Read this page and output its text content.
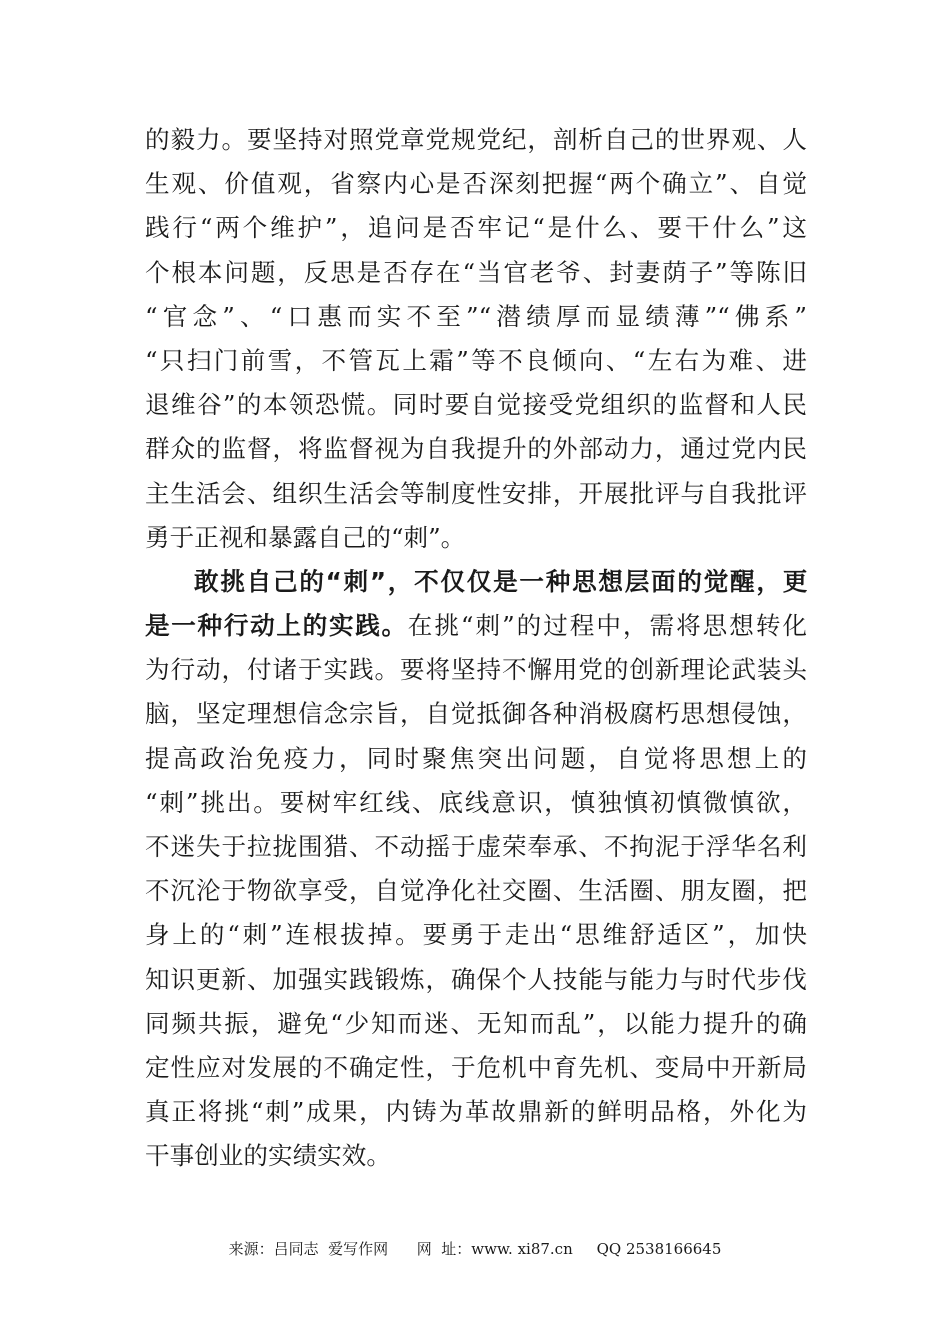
的毅力。要坚持对照党章党规党纪，剖析自己的世界观、人
生观、价值观，省察内心是否深刻把握“两个确立”、自觉
践行“两个维护”，追问是否牢记“是什么、要干什么”这
个根本问题，反思是否存在“当官老爷、封妻荫子”等陈旧
“官念”、“口惠而实不至”“潜绩厚而显绩薄”“佛系”
“只扫门前雪，不管瓦上霜”等不良倾向、“左右为难、进
退维谷”的本领恐慌。同时要自觉接受党组织的监督和人民
群众的监督，将监督视为自我提升的外部动力，通过党内民
主生活会、组织生活会等制度性安排，开展批评与自我批评
勇于正视和暴露自己的“刺”。
敢挑自己的“刺”，不仅仅是一种思想层面的觉醒，更
是一种行动上的实践。在挑“刺”的过程中，需将思想转化
为行动，付诸于实践。要将坚持不懈用党的创新理论武装头
脑，坚定理想信念宗旨，自觉抵御各种消极腐朽思想侵蚀，
提高政治免疫力，同时聚焦突出问题，自觉将思想上的
“刺”挑出。要树牢红线、底线意识，慎独慎初慎微慎欲，
不迷失于拉拢围猎、不动摇于虚荣奉承、不拘泥于浮华名利
不沉沦于物欲享受，自觉净化社交圈、生活圈、朋友圈，把
身上的“刺”连根拔掉。要勇于走出“思维舒适区”，加快
知识更新、加强实践锻炼，确保个人技能与能力与时代步伐
同频共振，避免“少知而迷、无知而乱”，以能力提升的确
定性应对发展的不确定性，于危机中育先机、变局中开新局
真正将挑“刺”成果，内铸为革故鼎新的鲜明品格，外化为
干事创业的实绩实效。
来源：吕同志  爱写作网      网  址：www. xi87.cn     QQ 2538166645
